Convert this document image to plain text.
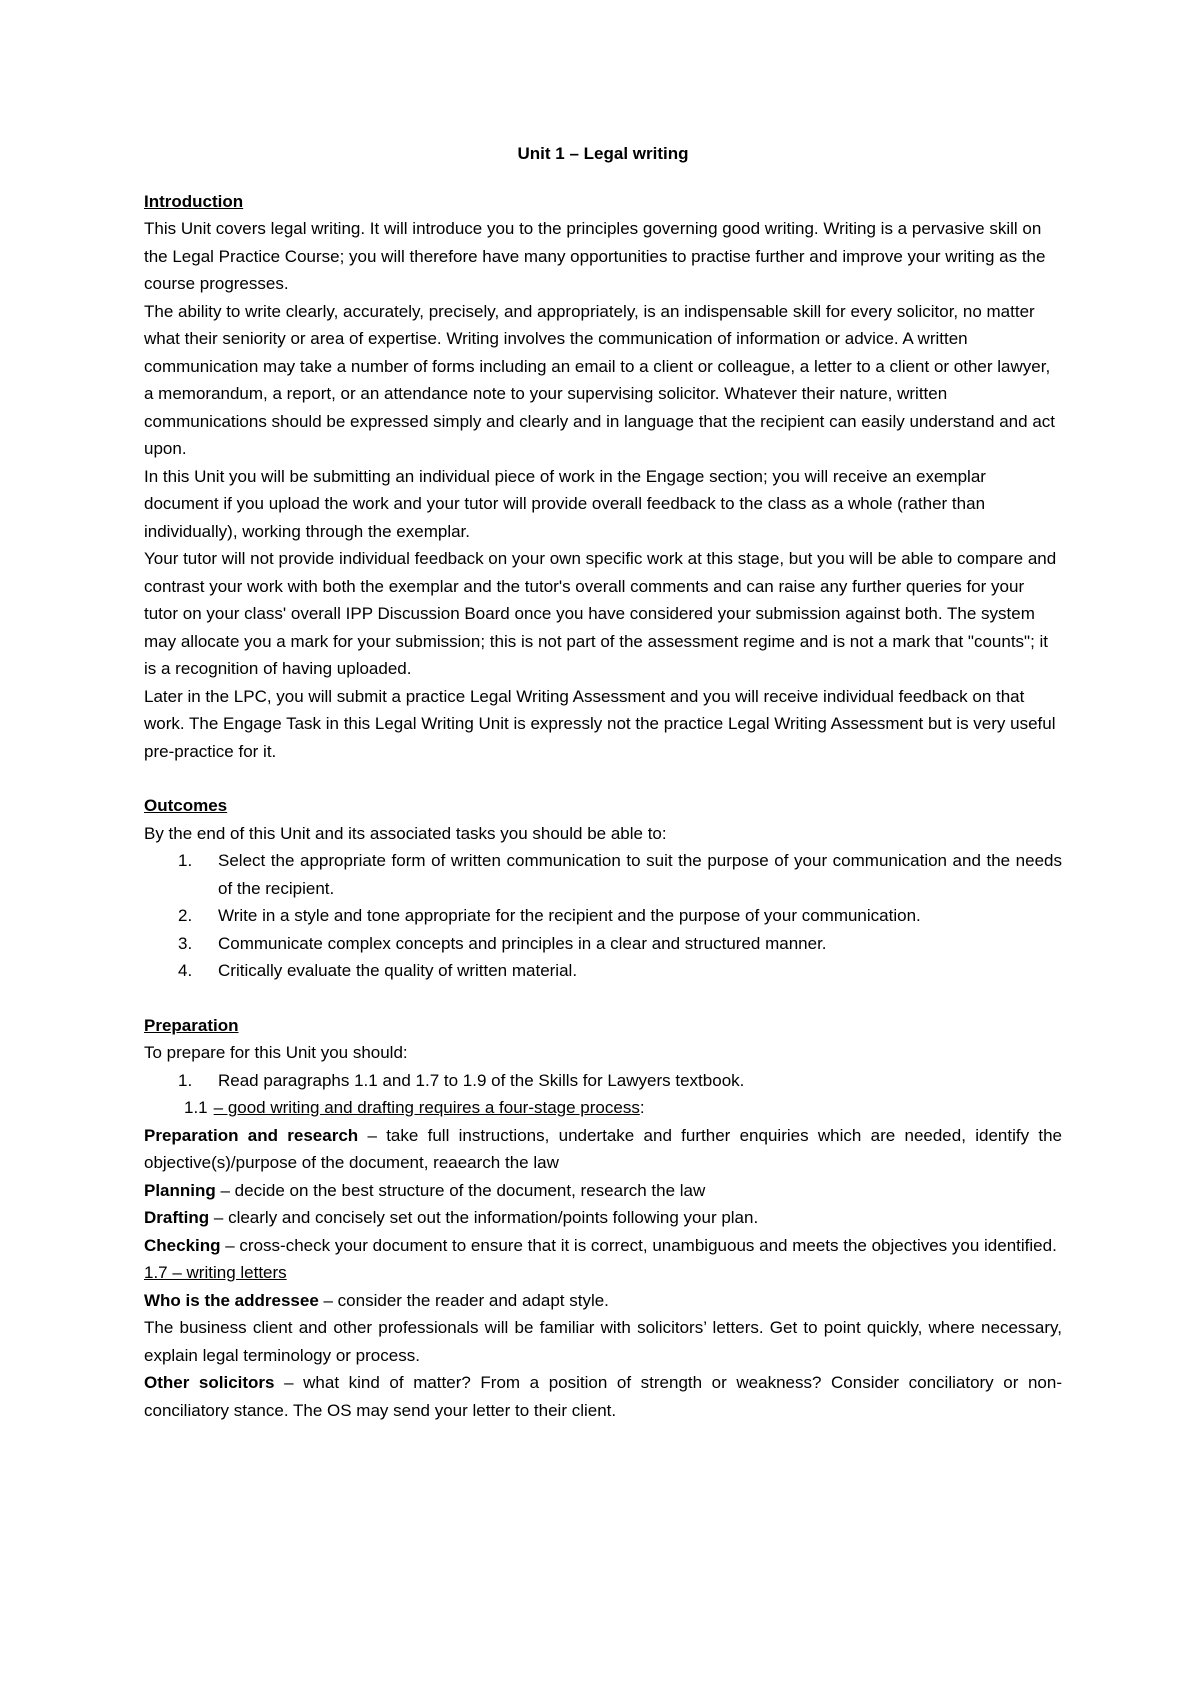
Unit 1 – Legal writing
Introduction

This Unit covers legal writing. It will introduce you to the principles governing good writing. Writing is a pervasive skill on the Legal Practice Course; you will therefore have many opportunities to practise further and improve your writing as the course progresses.

The ability to write clearly, accurately, precisely, and appropriately, is an indispensable skill for every solicitor, no matter what their seniority or area of expertise. Writing involves the communication of information or advice. A written communication may take a number of forms including an email to a client or colleague, a letter to a client or other lawyer, a memorandum, a report, or an attendance note to your supervising solicitor. Whatever their nature, written communications should be expressed simply and clearly and in language that the recipient can easily understand and act upon.

In this Unit you will be submitting an individual piece of work in the Engage section; you will receive an exemplar document if you upload the work and your tutor will provide overall feedback to the class as a whole (rather than individually), working through the exemplar.

Your tutor will not provide individual feedback on your own specific work at this stage, but you will be able to compare and contrast your work with both the exemplar and the tutor's overall comments and can raise any further queries for your tutor on your class' overall IPP Discussion Board once you have considered your submission against both. The system may allocate you a mark for your submission; this is not part of the assessment regime and is not a mark that "counts"; it is a recognition of having uploaded.

Later in the LPC, you will submit a practice Legal Writing Assessment and you will receive individual feedback on that work. The Engage Task in this Legal Writing Unit is expressly not the practice Legal Writing Assessment but is very useful pre-practice for it.

Outcomes

By the end of this Unit and its associated tasks you should be able to:

1. Select the appropriate form of written communication to suit the purpose of your communication and the needs of the recipient.
2. Write in a style and tone appropriate for the recipient and the purpose of your communication.
3. Communicate complex concepts and principles in a clear and structured manner.
4. Critically evaluate the quality of written material.
Preparation

To prepare for this Unit you should:

1. Read paragraphs 1.1 and 1.7 to 1.9 of the Skills for Lawyers textbook.

1.1 – good writing and drafting requires a four-stage process:

Preparation and research – take full instructions, undertake and further enquiries which are needed, identify the objective(s)/purpose of the document, reaearch the law

Planning – decide on the best structure of the document, research the law

Drafting – clearly and concisely set out the information/points following your plan.

Checking – cross-check your document to ensure that it is correct, unambiguous and meets the objectives you identified.

1.7 – writing letters

Who is the addressee – consider the reader and adapt style.

The business client and other professionals will be familiar with solicitors’ letters. Get to point quickly, where necessary, explain legal terminology or process.

Other solicitors – what kind of matter? From a position of strength or weakness? Consider conciliatory or non-conciliatory stance. The OS may send your letter to their client.
